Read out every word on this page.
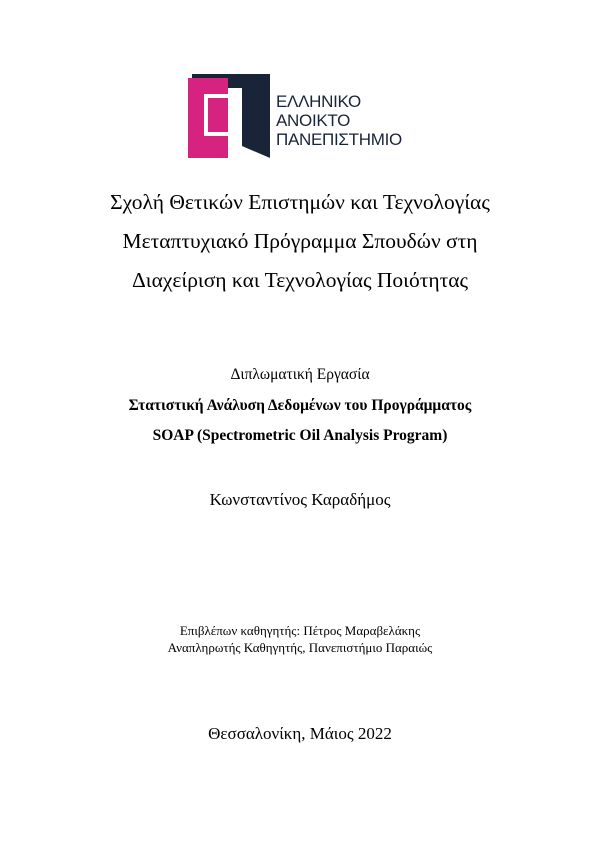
ΕΛΛΗΝΙΚΟ
ΑΝΟΙΚΤΟ
ΠΑΝΕΠΙΣΤΗΜΙΟ
Σχολή Θετικών Επιστημών και Τεχνολογίας
Μεταπτυχιακό Πρόγραμμα Σπουδών στη
Διαχείριση και Τεχνολογίας Ποιότητας
Διπλωματική Εργασία
Στατιστική Ανάλυση Δεδομένων του Προγράμματος
SOAP (Spectrometric Oil Analysis Program)
Κωνσταντίνος Καραδήμος
Επιβλέπων καθηγητής: Πέτρος Μαραβελάκης
Αναπληρωτής Καθηγητής, Πανεπιστήμιο Παραιώς
Θεσσαλονίκη, Μάιος 2022
